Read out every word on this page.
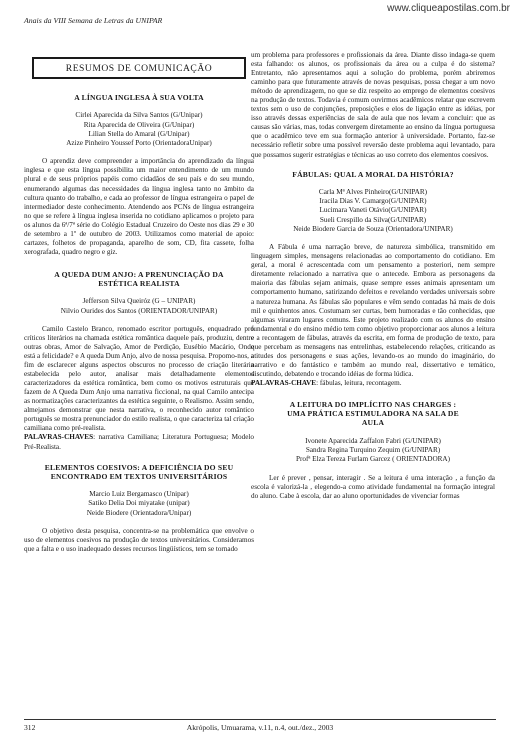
www.cliqueapostilas.com.br
Anais da VIII Semana de Letras da UNIPAR
RESUMOS DE COMUNICAÇÃO
A LÍNGUA INGLESA À SUA VOLTA
Cirlei Aparecida da Silva Santos (G/Unipar)
Rita Aparecida de Oliveira (G/Unipar)
Lilian Stella do Amaral (G/Unipar)
Azize Pinheiro Youssef Porto (OrientadoraUnipar)

O aprendiz deve compreender a importância do aprendizado da língua inglesa e que esta língua possibilita um maior entendimento de um mundo plural e de seus próprios papéis como cidadãos de seu país e do seu mundo, enumerando algumas das necessidades da língua inglesa tanto no âmbito da cultura quanto do trabalho, e cada ao professor de língua estrangeira o papel de intermediador deste conhecimento. Atendendo aos PCNs de língua estrangeira no que se refere à língua inglesa inserida no cotidiano aplicamos o projeto para os alunos da 6ª/7ª série do Colégio Estadual Cruzeiro do Oeste nos dias 29 e 30 de setembro a 1º de outubro de 2003. Utilizamos como material de apoio: cartazes, folhetos de propaganda, aparelho de som, CD, fita cassete, folha xerografada, quadro negro e giz.

A QUEDA DUM ANJO: A PRENUNCIAÇÃO DA
ESTÉTICA REALISTA
Jefferson Silva Queiróz (G – UNIPAR)
Nilvio Ourides dos Santos (ORIENTADOR/UNIPAR)

Camilo Castelo Branco, renomado escritor português, enquadrado pro críticos literários na chamada estética romântica daquele país, produziu, dentre outras obras, Amor de Salvação, Amor de Perdição, Eusébio Macário, Onde está a felicidade? e A queda Dum Anjo, alvo de nossa pesquisa. Propomo-nos, a fim de esclarecer alguns aspectos obscuros no processo de criação literária estabelecida pelo autor, analisar mais detalhadamente elementos caracterizadores da estética romântica, bem como os motivos estruturais que fazem de A Queda Dum Anjo uma narrativa ficcional, na qual Camilo antecipa as normatizações caracterizantes da estética seguinte, o Realismo. Assim sendo, almejamos demonstrar que nesta narrativa, o reconhecido autor romântico português se mostra prenunciador do estilo realista, o que caracteriza tal criação camiliana como pré-realista.

PALAVRAS-CHAVES: narrativa Camiliana; Literatura Portuguesa; Modelo Pré-Realista.

ELEMENTOS COESIVOS: A DEFICIÊNCIA DO SEU
ENCONTRADO EM TEXTOS UNIVERSITÁRIOS
Marcio Luiz Bergamasco (Unipar)
Satiko Delia Doi miyatake (unipar)
Neide Biodere (Orientadora/Unipar)

O objetivo desta pesquisa, concentra-se na problemática que envolve o uso de elementos coesivos na produção de textos universitários. Consideramos que a falta e o uso inadequado desses recursos lingüísticos, tem se tornado

um problema para professores e profissionais da área. Diante disso indaga-se quem esta falhando: os alunos, os profissionais da área ou a culpa é do sistema? Entretanto, não apresentamos aqui a solução do problema, porém abriremos caminho para que futuramente através de novas pesquisas, possa chegar a um novo método de aprendizagem, no que se diz respeito ao emprego de elementos coesivos na produção de textos. Todavia é comum ouvirmos acadêmicos relatar que escrevem textos sem o uso de conjunções, preposições e elos de ligação entre as idéias, por isso através dessas experiências de sala de aula que nos levam a concluir: que as causas são várias, mas, todas convergem diretamente ao ensino da língua portuguesa que o acadêmico teve em sua formação anterior à universidade. Portanto, faz-se necessário refletir sobre uma possível reversão deste problema aqui levantado, para que possamos sugerir estratégias e técnicas ao uso correto dos elementos coesivos.

FÁBULAS: QUAL A MORAL DA HISTÓRIA?
Carla Mª Alves Pinheiro(G/UNIPAR)
Iracila Dias V. Camargo(G/UNIPAR)
Lucimara Vaneti Otávio(G/UNIPAR)
Sueli Crespillo da Silva(G/UNIPAR)
Neide Biodere Garcia de Souza (Orientadora/UNIPAR)

A Fábula é uma narração breve, de natureza simbólica, transmitido em linguagem simples, mensagens relacionadas ao comportamento do cotidiano. Em geral, a moral é acrescentada com um pensamento a posteriori, nem sempre diretamente relacionado a narrativa que o antecede. Embora as personagens da maioria das fábulas sejam animais, quase sempre esses animais apresentam um comportamento humano, satirizando defeitos e revelando verdades universais sobre a natureza humana. As fábulas são populares e vêm sendo contadas há mais de dois mil e quinhentos anos. Costumam ser curtas, bem humoradas e tão conhecidas, que algumas viraram lugares comuns. Este projeto realizado com os alunos do ensino fundamental e do ensino médio tem como objetivo proporcionar aos alunos a leitura e a recontagem de fábulas, através da escrita, em forma de produção de texto, para que percebam as mensagens nas entrelinhas, estabelecendo relações, criticando as atitudes dos personagens e suas ações, levando-os ao mundo do imaginário, do narrativo e do fantástico e também ao mundo real, dissertativo e temático, discutindo, debatendo e trocando idéias de forma lúdica.

PALAVRAS-CHAVE: fábulas, leitura, recontagem.

A LEITURA DO IMPLÍCITO NAS CHARGES :
UMA PRÁTICA ESTIMULADORA NA SALA DE
AULA
Ivonete Aparecida Zaffalon Fabri (G/UNIPAR)
Sandra Regina Turquino Zequim (G/UNIPAR)
Profª Elza Tereza Furlam Garcez ( ORIENTADORA)

Ler é prever , pensar, interagir . Se a leitura é uma interação , a função da escola é valorizá-la , elegendo-a como atividade fundamental na formação integral do aluno. Cabe à escola, dar ao aluno oportunidades de vivenciar formas

312	Akrópolis, Umuarama, v.11, n.4, out./dez., 2003
